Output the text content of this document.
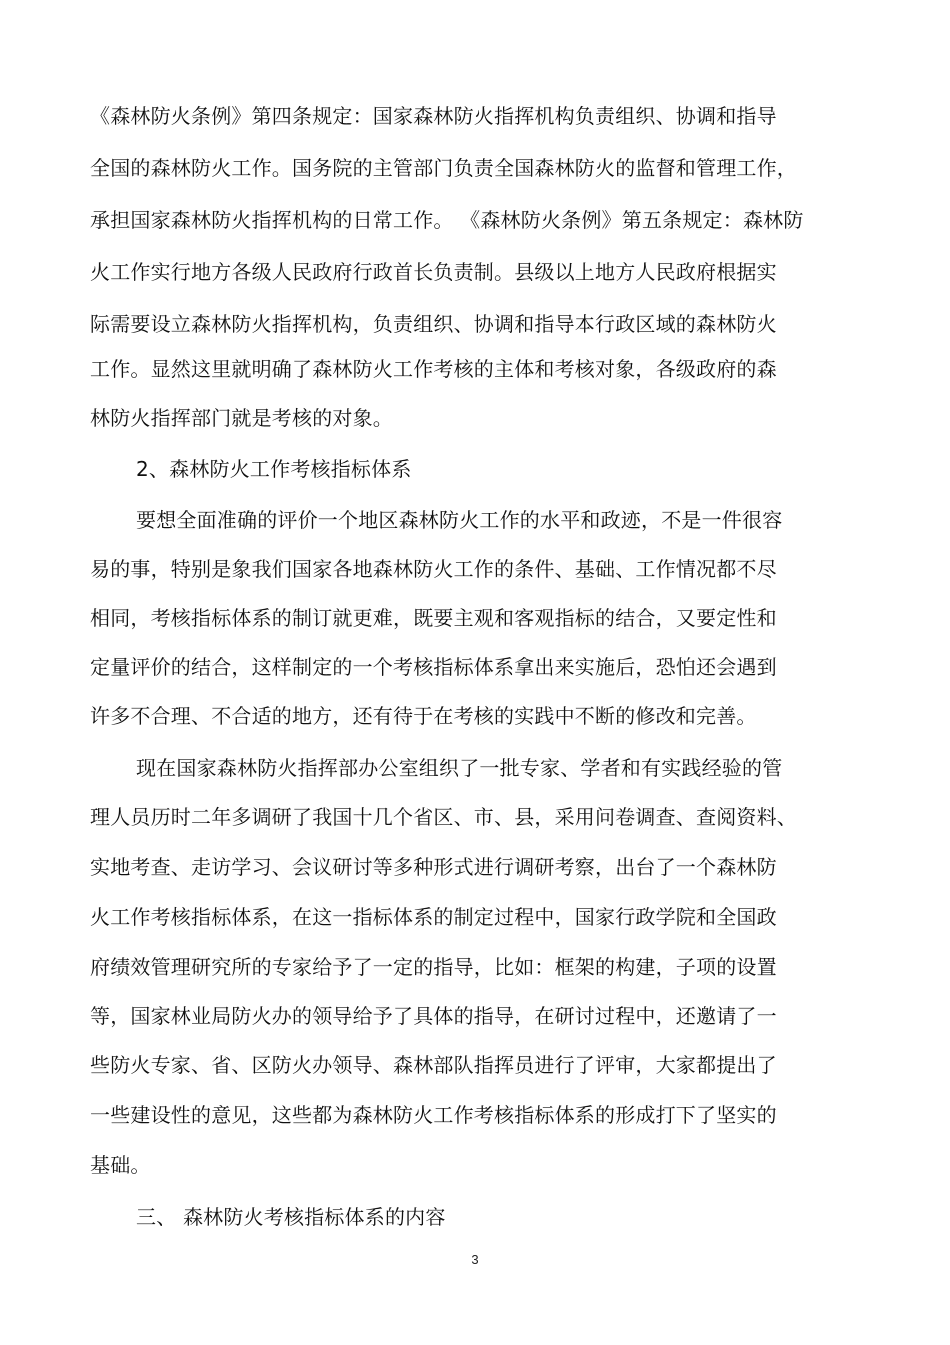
《森林防火条例》第四条规定：国家森林防火指挥机构负责组织、协调和指导
全国的森林防火工作。国务院的主管部门负责全国森林防火的监督和管理工作，
承担国家森林防火指挥机构的日常工作。 《森林防火条例》第五条规定：森林防
火工作实行地方各级人民政府行政首长负责制。县级以上地方人民政府根据实
际需要设立森林防火指挥机构，负责组织、协调和指导本行政区域的森林防火
工作。显然这里就明确了森林防火工作考核的主体和考核对象，各级政府的森
林防火指挥部门就是考核的对象。
2、森林防火工作考核指标体系
要想全面准确的评价一个地区森林防火工作的水平和政迹，不是一件很容
易的事，特别是象我们国家各地森林防火工作的条件、基础、工作情况都不尽
相同，考核指标体系的制订就更难，既要主观和客观指标的结合，又要定性和
定量评价的结合，这样制定的一个考核指标体系拿出来实施后，恐怕还会遇到
许多不合理、不合适的地方，还有待于在考核的实践中不断的修改和完善。
现在国家森林防火指挥部办公室组织了一批专家、学者和有实践经验的管
理人员历时二年多调研了我国十几个省区、市、县，采用问卷调查、查阅资料、
实地考查、走访学习、会议研讨等多种形式进行调研考察，出台了一个森林防
火工作考核指标体系，在这一指标体系的制定过程中，国家行政学院和全国政
府绩效管理研究所的专家给予了一定的指导，比如：框架的构建，子项的设置
等，国家林业局防火办的领导给予了具体的指导，在研讨过程中，还邀请了一
些防火专家、省、区防火办领导、森林部队指挥员进行了评审，大家都提出了
一些建设性的意见，这些都为森林防火工作考核指标体系的形成打下了坚实的
基础。
三、 森林防火考核指标体系的内容
3
